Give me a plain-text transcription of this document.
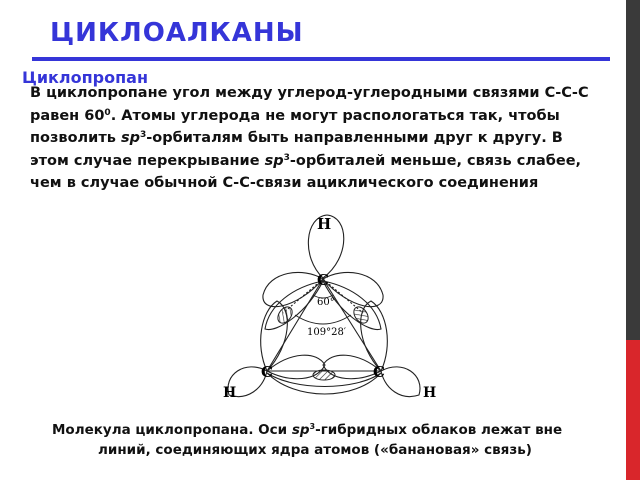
ЦИКЛОАЛКАНЫ
Циклопропан

В циклопропане угол между углерод-углеродными связями С-С-С равен $60^0$. Атомы углерода не могут распологаться так, чтобы позволить $sp^3$-орбиталям быть направленными друг к другу. В этом случае перекрывание $sp^3$-орбиталей меньше, связь слабее, чем в случае обычной С-С-связи ациклического соединения

H
C
C	C
H	H
60°
109°28′

Молекула циклопропана. Оси $sp^3$-гибридных облаков лежат вне
линий, соединяющих ядра атомов («банановая» связь)
